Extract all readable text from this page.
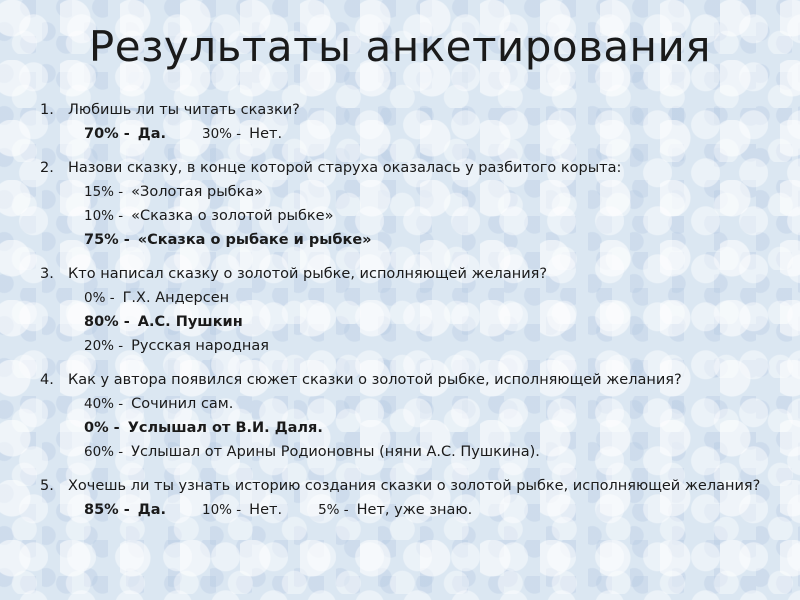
Результаты анкетирования
1. Любишь ли ты читать сказки?
70% - Да.	30% - Нет.
2. Назови сказку, в конце которой старуха оказалась у разбитого корыта:
15% - «Золотая рыбка»
10% - «Сказка о золотой рыбке»
75% - «Сказка о рыбаке и рыбке»
3. Кто написал сказку о золотой рыбке, исполняющей желания?
0% - Г.Х. Андерсен
80% - А.С. Пушкин
20% - Русская народная
4. Как у автора появился сюжет сказки о золотой рыбке, исполняющей желания?
40% - Сочинил сам.
0% - Услышал от В.И. Даля.
60% - Услышал от Арины Родионовны (няни А.С. Пушкина).
5. Хочешь ли ты узнать историю создания сказки о золотой рыбке, исполняющей желания?
85% - Да.	10% - Нет.	5% - Нет, уже знаю.
